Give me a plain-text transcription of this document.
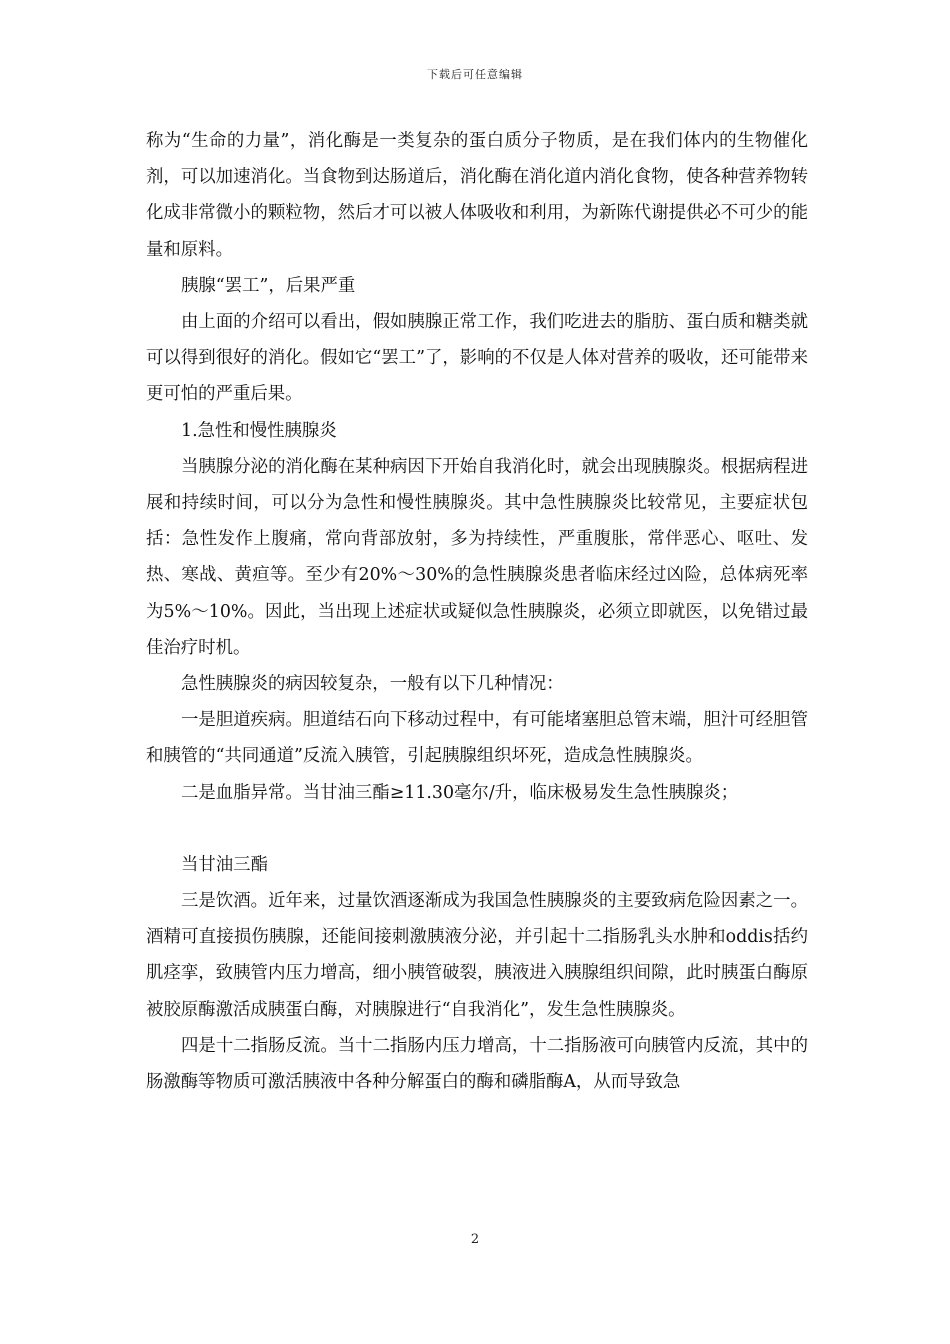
下载后可任意编辑

称为“生命的力量”，消化酶是一类复杂的蛋白质分子物质，是在我们体内的生物催化剂，可以加速消化。当食物到达肠道后，消化酶在消化道内消化食物，使各种营养物转化成非常微小的颗粒物，然后才可以被人体吸收和利用，为新陈代谢提供必不可少的能量和原料。

胰腺“罢工”，后果严重

由上面的介绍可以看出，假如胰腺正常工作，我们吃进去的脂肪、蛋白质和糖类就可以得到很好的消化。假如它“罢工”了，影响的不仅是人体对营养的吸收，还可能带来更可怕的严重后果。

1.急性和慢性胰腺炎

当胰腺分泌的消化酶在某种病因下开始自我消化时，就会出现胰腺炎。根据病程进展和持续时间，可以分为急性和慢性胰腺炎。其中急性胰腺炎比较常见，主要症状包括：急性发作上腹痛，常向背部放射，多为持续性，严重腹胀，常伴恶心、呕吐、发热、寒战、黄疸等。至少有20%～30%的急性胰腺炎患者临床经过凶险，总体病死率为5%～10%。因此，当出现上述症状或疑似急性胰腺炎，必须立即就医，以免错过最佳治疗时机。

急性胰腺炎的病因较复杂，一般有以下几种情况：

一是胆道疾病。胆道结石向下移动过程中，有可能堵塞胆总管末端，胆汁可经胆管和胰管的“共同通道”反流入胰管，引起胰腺组织坏死，造成急性胰腺炎。

二是血脂异常。当甘油三酯≥11.30毫尔/升，临床极易发生急性胰腺炎；

当甘油三酯

三是饮酒。近年来，过量饮酒逐渐成为我国急性胰腺炎的主要致病危险因素之一。酒精可直接损伤胰腺，还能间接刺激胰液分泌，并引起十二指肠乳头水肿和oddis括约肌痉挛，致胰管内压力增高，细小胰管破裂，胰液进入胰腺组织间隙，此时胰蛋白酶原被胶原酶激活成胰蛋白酶，对胰腺进行“自我消化”，发生急性胰腺炎。

四是十二指肠反流。当十二指肠内压力增高，十二指肠液可向胰管内反流，其中的肠激酶等物质可激活胰液中各种分解蛋白的酶和磷脂酶A，从而导致急

2
